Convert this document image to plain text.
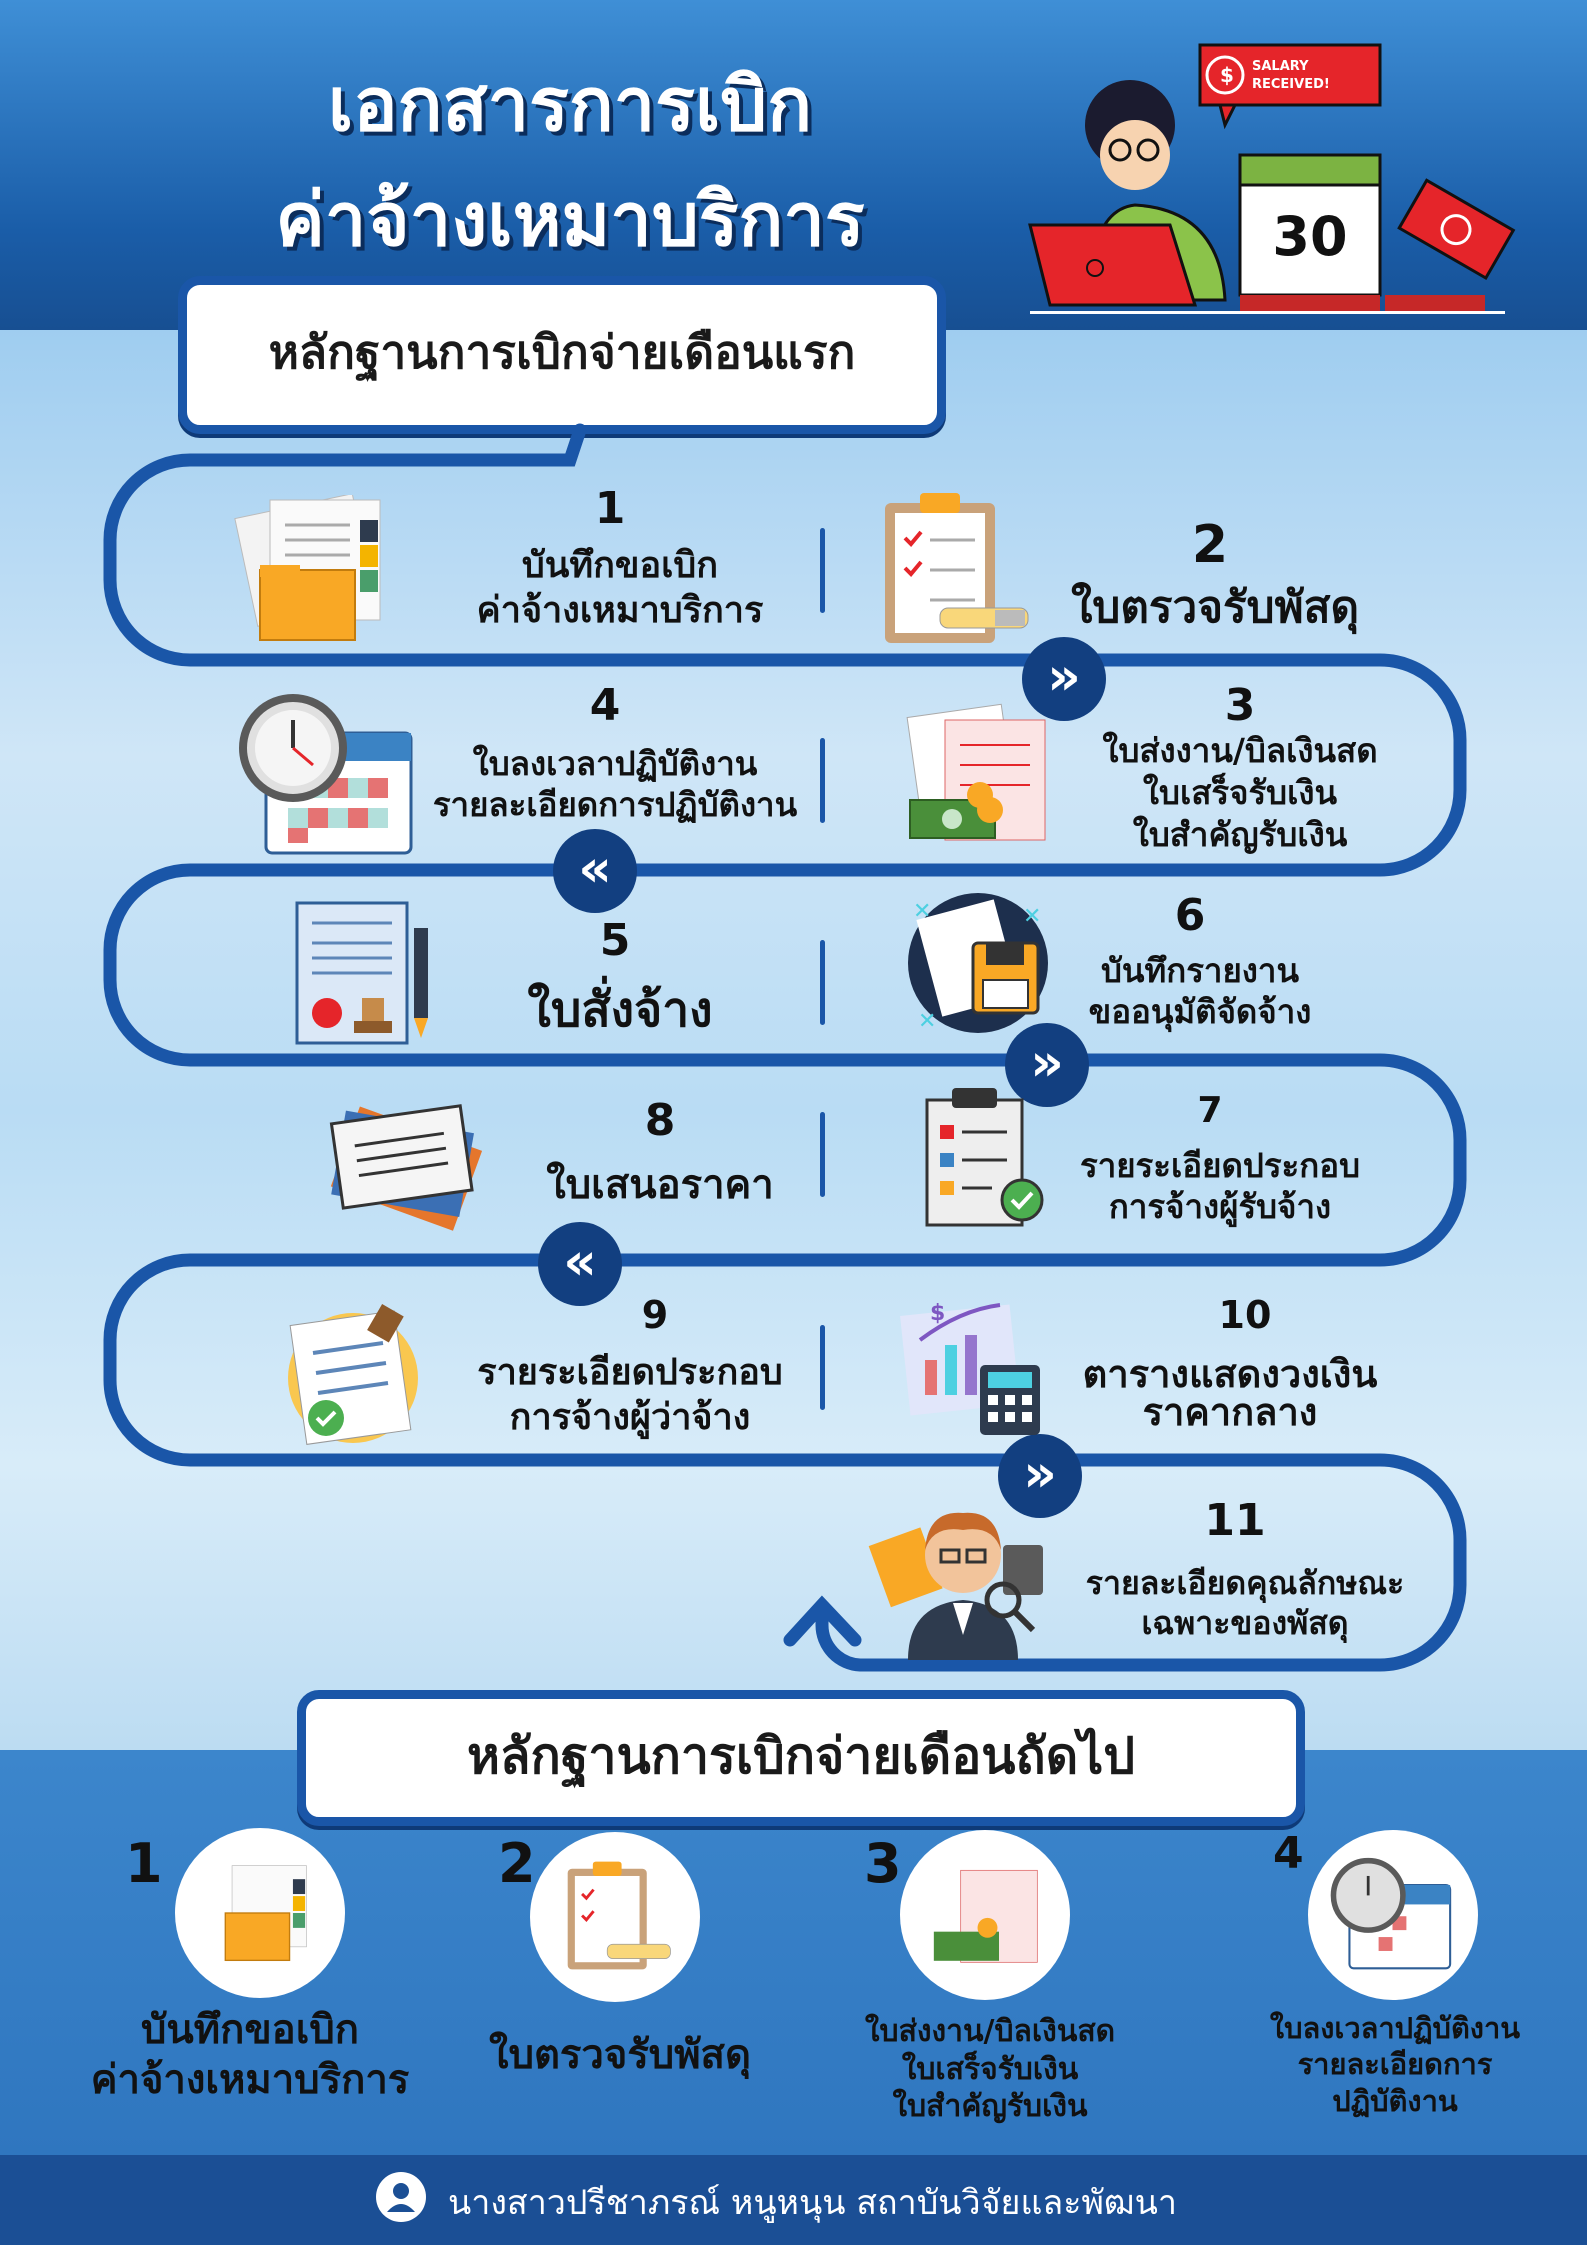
เอกสารการเบิก
ค่าจ้างเหมาบริการ
$ SALARY
RECEIVED!
30
หลักฐานการเบิกจ่ายเดือนแรก
»
«
»
«
»
1
บันทึกขอเบิก
ค่าจ้างเหมาบริการ
2
ใบตรวจรับพัสดุ
3
ใบส่งงาน/บิลเงินสด
ใบเสร็จรับเงิน
ใบสำคัญรับเงิน
4
ใบลงเวลาปฏิบัติงาน
รายละเอียดการปฏิบัติงาน
5
ใบสั่งจ้าง
✕	✕
✕
6
บันทึกรายงาน
ขออนุมัติจัดจ้าง
7
รายระเอียดประกอบ
การจ้างผู้รับจ้าง
8
ใบเสนอราคา
9
รายระเอียดประกอบ
การจ้างผู้ว่าจ้าง
$	10
ตารางแสดงวงเงิน
ราคากลาง
11
รายละเอียดคุณลักษณะ
เฉพาะของพัสดุ
หลักฐานการเบิกจ่ายเดือนถัดไป
1
บันทึกขอเบิก
ค่าจ้างเหมาบริการ
2
ใบตรวจรับพัสดุ
3
ใบส่งงาน/บิลเงินสด
ใบเสร็จรับเงิน
ใบสำคัญรับเงิน
4
ใบลงเวลาปฏิบัติงาน
รายละเอียดการ
ปฏิบัติงาน
นางสาวปรีชาภรณ์ หนูหนุน สถาบันวิจัยและพัฒนา
